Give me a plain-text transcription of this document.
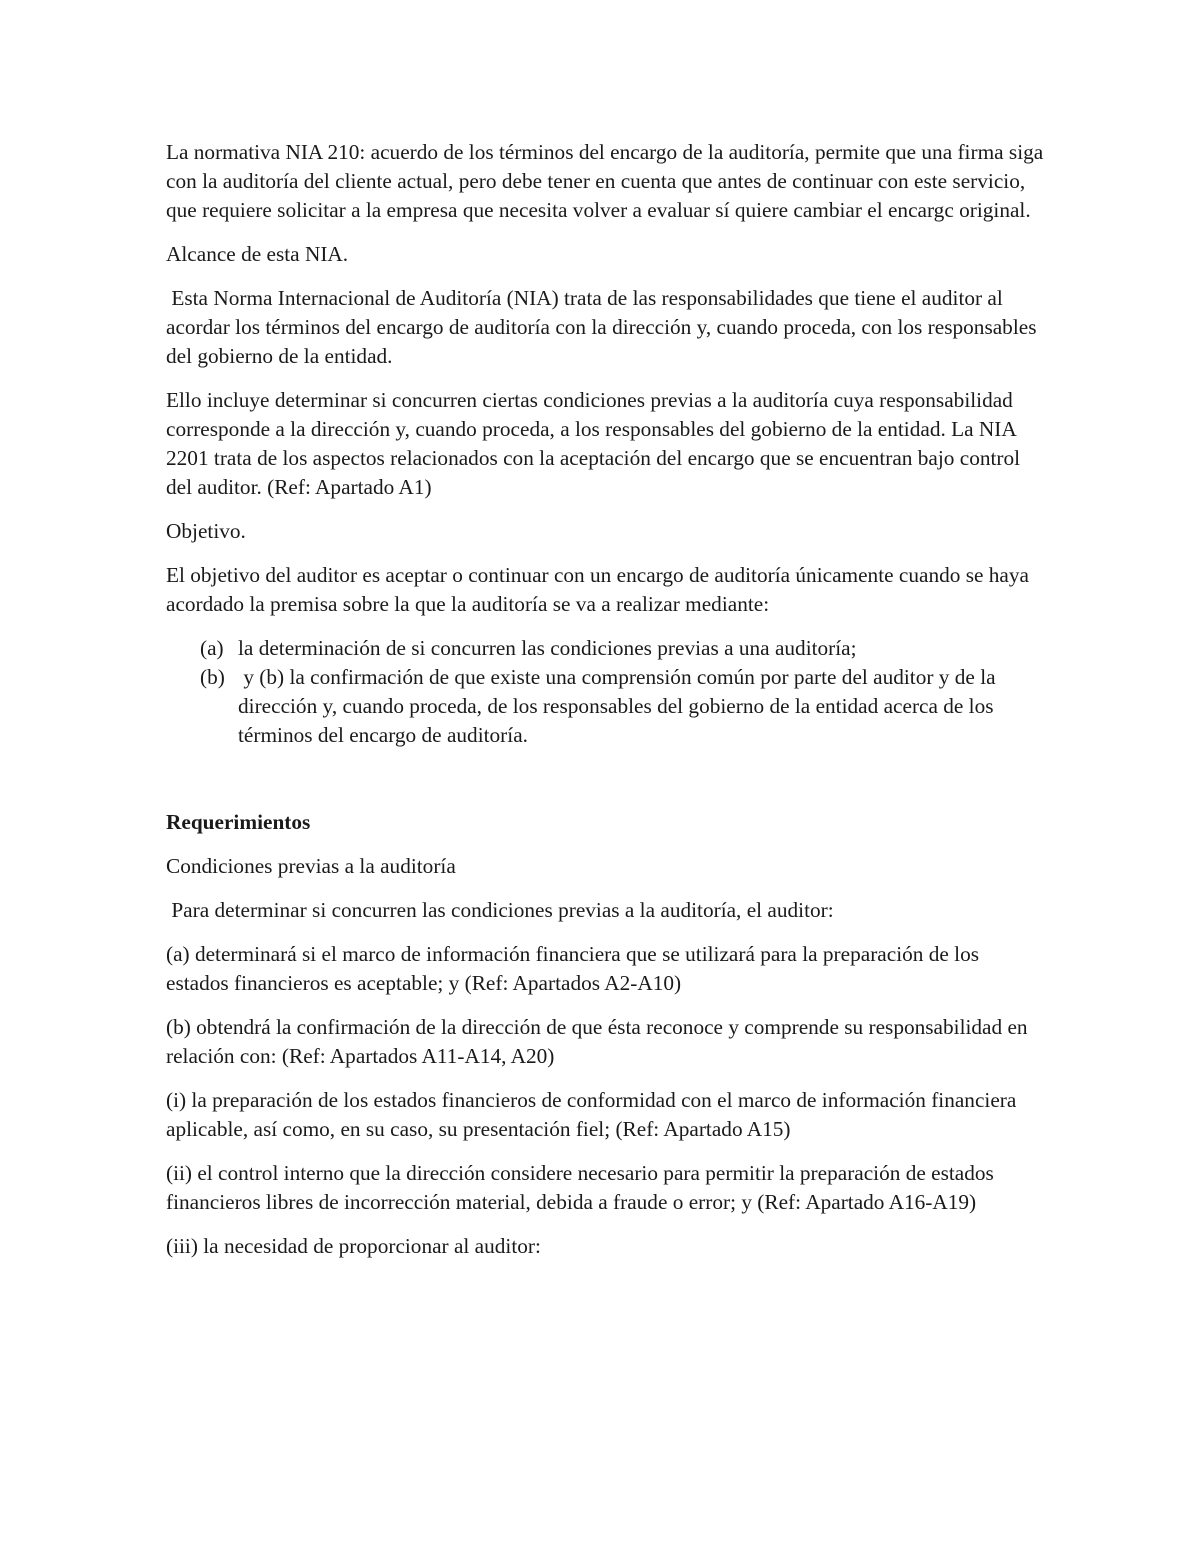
La normativa NIA 210: acuerdo de los términos del encargo de la auditoría, permite que una firma siga con la auditoría del cliente actual, pero debe tener en cuenta que antes de continuar con este servicio, que requiere solicitar a la empresa que necesita volver a evaluar sí quiere cambiar el encargc original.

Alcance de esta NIA.

Esta Norma Internacional de Auditoría (NIA) trata de las responsabilidades que tiene el auditor al acordar los términos del encargo de auditoría con la dirección y, cuando proceda, con los responsables del gobierno de la entidad.

Ello incluye determinar si concurren ciertas condiciones previas a la auditoría cuya responsabilidad corresponde a la dirección y, cuando proceda, a los responsables del gobierno de la entidad. La NIA 2201 trata de los aspectos relacionados con la aceptación del encargo que se encuentran bajo control del auditor. (Ref: Apartado A1)

Objetivo.

El objetivo del auditor es aceptar o continuar con un encargo de auditoría únicamente cuando se haya acordado la premisa sobre la que la auditoría se va a realizar mediante:

(a) la determinación de si concurren las condiciones previas a una auditoría;
(b) y (b) la confirmación de que existe una comprensión común por parte del auditor y de la dirección y, cuando proceda, de los responsables del gobierno de la entidad acerca de los términos del encargo de auditoría.

Requerimientos

Condiciones previas a la auditoría

Para determinar si concurren las condiciones previas a la auditoría, el auditor:

(a) determinará si el marco de información financiera que se utilizará para la preparación de los estados financieros es aceptable; y (Ref: Apartados A2-A10)

(b) obtendrá la confirmación de la dirección de que ésta reconoce y comprende su responsabilidad en relación con: (Ref: Apartados A11-A14, A20)

(i) la preparación de los estados financieros de conformidad con el marco de información financiera aplicable, así como, en su caso, su presentación fiel; (Ref: Apartado A15)

(ii) el control interno que la dirección considere necesario para permitir la preparación de estados financieros libres de incorrección material, debida a fraude o error; y (Ref: Apartado A16-A19)

(iii) la necesidad de proporcionar al auditor:
